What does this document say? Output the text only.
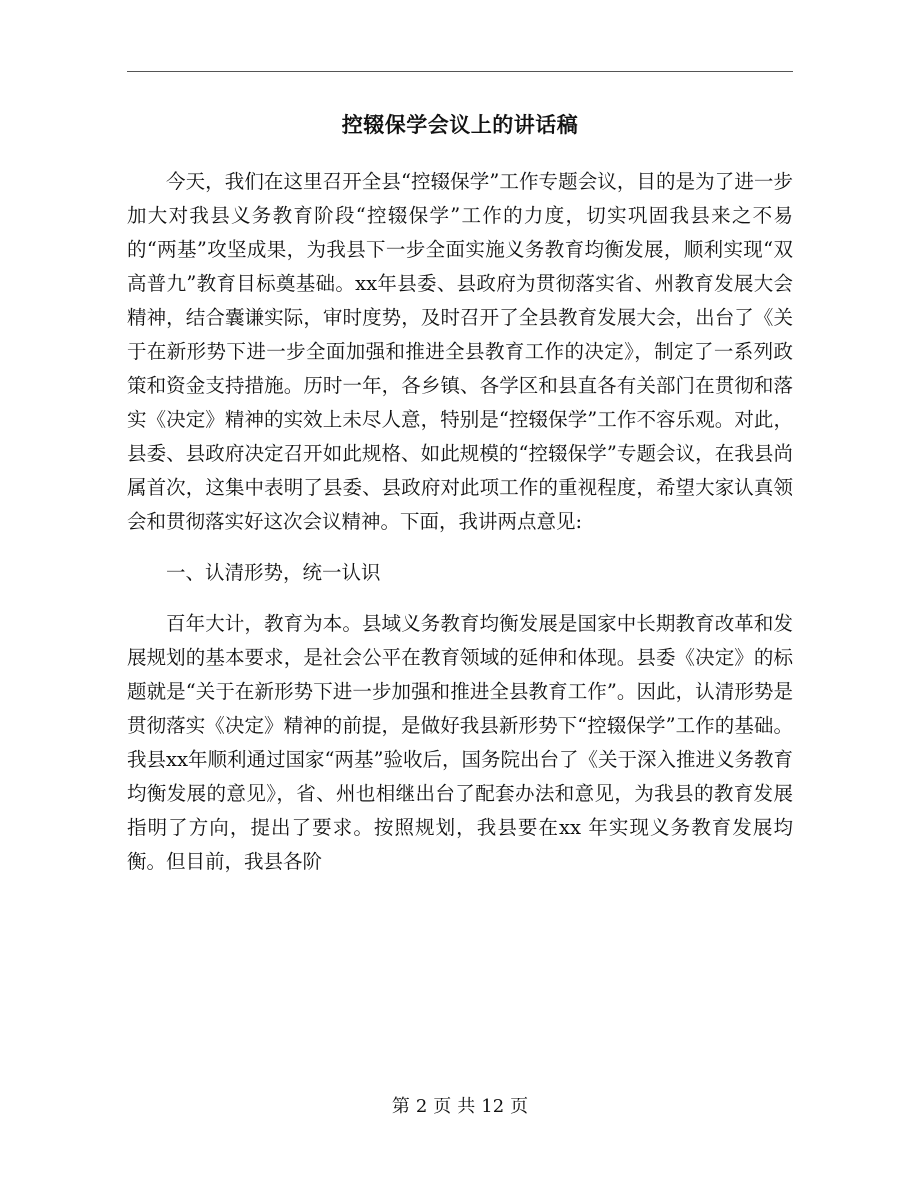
控辍保学会议上的讲话稿

今天，我们在这里召开全县“控辍保学”工作专题会议，目的是为了进一步加大对我县义务教育阶段“控辍保学”工作的力度，切实巩固我县来之不易的“两基”攻坚成果，为我县下一步全面实施义务教育均衡发展，顺利实现“双高普九”教育目标奠基础。xx年县委、县政府为贯彻落实省、州教育发展大会精神，结合囊谦实际，审时度势，及时召开了全县教育发展大会，出台了《关于在新形势下进一步全面加强和推进全县教育工作的决定》，制定了一系列政策和资金支持措施。历时一年，各乡镇、各学区和县直各有关部门在贯彻和落实《决定》精神的实效上未尽人意，特别是“控辍保学”工作不容乐观。对此，县委、县政府决定召开如此规格、如此规模的“控辍保学”专题会议，在我县尚属首次，这集中表明了县委、县政府对此项工作的重视程度，希望大家认真领会和贯彻落实好这次会议精神。下面，我讲两点意见:

一、认清形势，统一认识

百年大计，教育为本。县域义务教育均衡发展是国家中长期教育改革和发展规划的基本要求，是社会公平在教育领域的延伸和体现。县委《决定》的标题就是“关于在新形势下进一步加强和推进全县教育工作”。因此，认清形势是贯彻落实《决定》精神的前提，是做好我县新形势下“控辍保学”工作的基础。 我县xx年顺利通过国家“两基”验收后，国务院出台了《关于深入推进义务教育均衡发展的意见》，省、州也相继出台了配套办法和意见，为我县的教育发展指明了方向，提出了要求。按照规划，我县要在xx 年实现义务教育发展均衡。但目前，我县各阶

第 2 页 共 12 页
